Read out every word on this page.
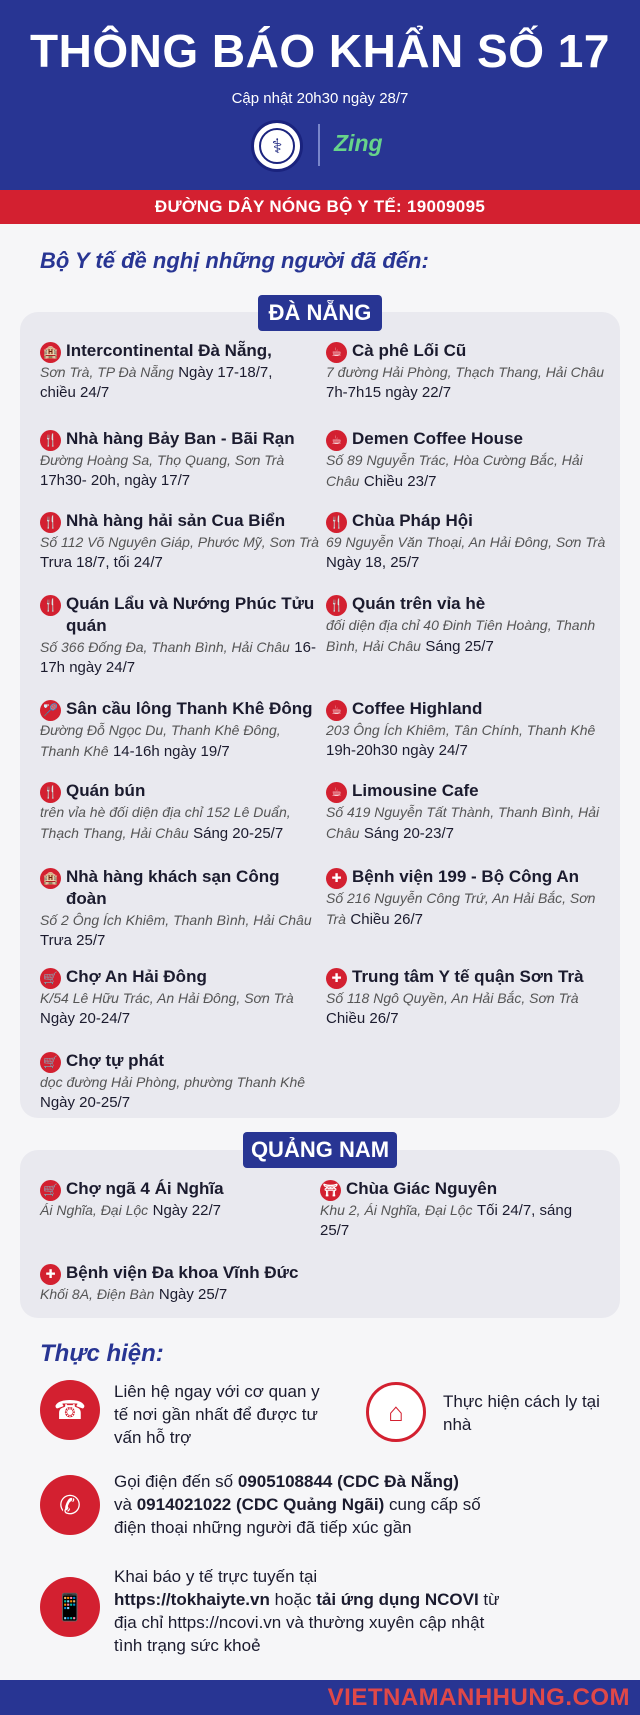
THÔNG BÁO KHẨN SỐ 17
Cập nhật 20h30 ngày 28/7
⚕	Zing
ĐƯỜNG DÂY NÓNG BỘ Y TẾ: 19009095
Bộ Y tế đề nghị những người đã đến:
ĐÀ NẴNG
🏨 Intercontinental Đà Nẵng,
Sơn Trà, TP Đà Nẵng Ngày 17-18/7, chiều 24/7
☕ Cà phê Lối Cũ
7 đường Hải Phòng, Thạch Thang, Hải Châu 7h-7h15 ngày 22/7
🍴 Nhà hàng Bảy Ban - Bãi Rạn
Đường Hoàng Sa, Thọ Quang, Sơn Trà 17h30- 20h, ngày 17/7
☕ Demen Coffee House
Số 89 Nguyễn Trác, Hòa Cường Bắc, Hải Châu Chiều 23/7
🍴 Nhà hàng hải sản Cua Biển
Số 112 Võ Nguyên Giáp, Phước Mỹ, Sơn Trà Trưa 18/7, tối 24/7
🍴 Chùa Pháp Hội
69 Nguyễn Văn Thoại, An Hải Đông, Sơn Trà Ngày 18, 25/7
🍴 Quán Lẩu và Nướng Phúc Tửu quán
Số 366 Đống Đa, Thanh Bình, Hải Châu 16-17h ngày 24/7
🍴 Quán trên vỉa hè
đối diện địa chỉ 40 Đinh Tiên Hoàng, Thanh Bình, Hải Châu Sáng 25/7
🏸 Sân cầu lông Thanh Khê Đông
Đường Đỗ Ngọc Du, Thanh Khê Đông, Thanh Khê 14-16h ngày 19/7
☕ Coffee Highland
203 Ông Ích Khiêm, Tân Chính, Thanh Khê 19h-20h30 ngày 24/7
🍴 Quán bún
trên vỉa hè đối diện địa chỉ 152 Lê Duẩn, Thạch Thang, Hải Châu Sáng 20-25/7
☕ Limousine Cafe
Số 419 Nguyễn Tất Thành, Thanh Bình, Hải Châu Sáng 20-23/7
🏨 Nhà hàng khách sạn Công đoàn
Số 2 Ông Ích Khiêm, Thanh Bình, Hải Châu Trưa 25/7
✚ Bệnh viện 199 - Bộ Công An
Số 216 Nguyễn Công Trứ, An Hải Bắc, Sơn Trà Chiều 26/7
🛒 Chợ An Hải Đông
K/54 Lê Hữu Trác, An Hải Đông, Sơn Trà Ngày 20-24/7
✚ Trung tâm Y tế quận Sơn Trà
Số 118 Ngô Quyền, An Hải Bắc, Sơn Trà Chiều 26/7
🛒 Chợ tự phát
dọc đường Hải Phòng, phường Thanh Khê Ngày 20-25/7
QUẢNG NAM
🛒 Chợ ngã 4 Ái Nghĩa
Ái Nghĩa, Đại Lộc Ngày 22/7
⛩ Chùa Giác Nguyên
Khu 2, Ái Nghĩa, Đại Lộc Tối 24/7, sáng 25/7
✚ Bệnh viện Đa khoa Vĩnh Đức
Khối 8A, Điện Bàn Ngày 25/7
Thực hiện:
☎
Liên hệ ngay với cơ quan y tế nơi gần nhất để được tư vấn hỗ trợ
⌂	Thực hiện cách ly tại nhà
✆
Gọi điện đến số 0905108844 (CDC Đà Nẵng)
và 0914021022 (CDC Quảng Ngãi) cung cấp số điện thoại những người đã tiếp xúc gần
📱
Khai báo y tế trực tuyến tại
https://tokhaiyte.vn hoặc tải ứng dụng NCOVI từ địa chỉ https://ncovi.vn và thường xuyên cập nhật tình trạng sức khoẻ
VIETNAMANHHUNG.COM
